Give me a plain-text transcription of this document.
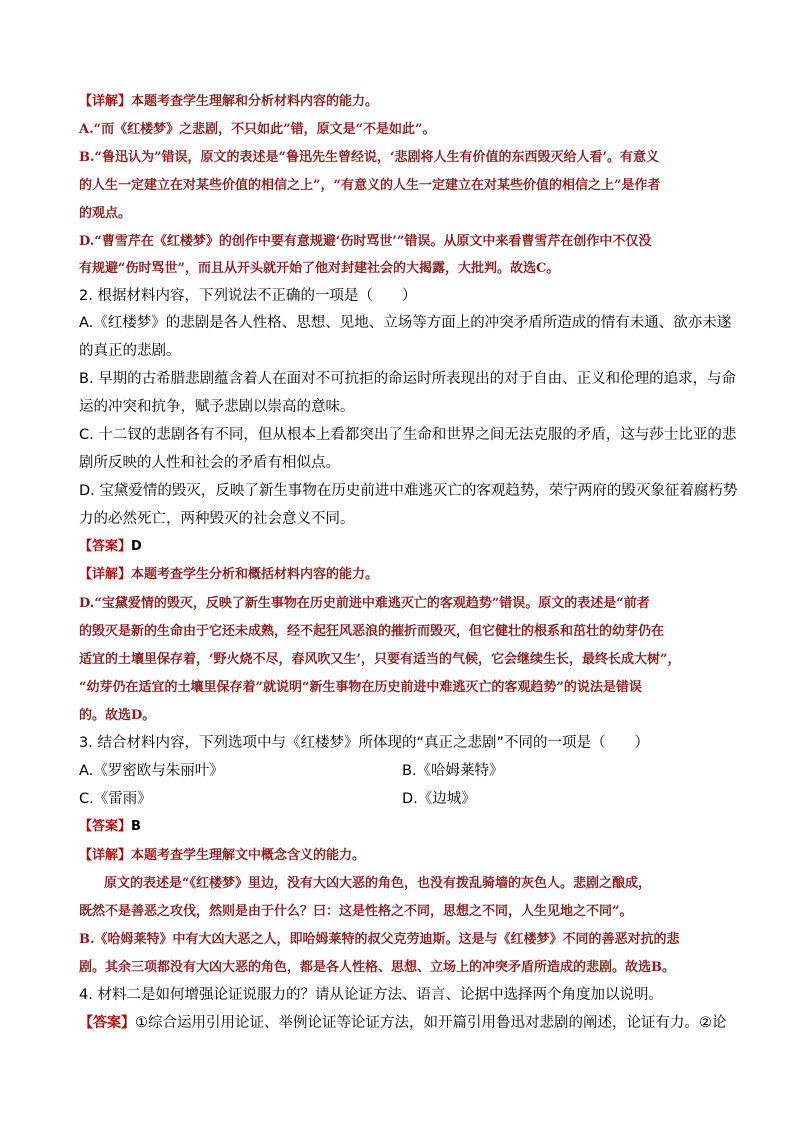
【详解】本题考查学生理解和分析材料内容的能力。
A.“而《红楼梦》之悲剧，不只如此”错，原文是“不是如此”。
B.“鲁迅认为”错误，原文的表述是“鲁迅先生曾经说，‘悲剧将人生有价值的东西毁灭给人看’。有意义
的人生一定建立在对某些价值的相信之上”，“有意义的人生一定建立在对某些价值的相信之上”是作者
的观点。
D.“曹雪芹在《红楼梦》的创作中要有意规避‘伤时骂世’”错误。从原文中来看曹雪芹在创作中不仅没
有规避“伤时骂世”，而且从开头就开始了他对封建社会的大揭露，大批判。故选C。
2. 根据材料内容，下列说法不正确的一项是（　　）
A.《红楼梦》的悲剧是各人性格、思想、见地、立场等方面上的冲突矛盾所造成的情有未通、欲亦未遂
的真正的悲剧。
B. 早期的古希腊悲剧蕴含着人在面对不可抗拒的命运时所表现出的对于自由、正义和伦理的追求，与命
运的冲突和抗争，赋予悲剧以崇高的意味。
C. 十二钗的悲剧各有不同，但从根本上看都突出了生命和世界之间无法克服的矛盾，这与莎士比亚的悲
剧所反映的人性和社会的矛盾有相似点。
D. 宝黛爱情的毁灭，反映了新生事物在历史前进中难逃灭亡的客观趋势，荣宁两府的毁灭象征着腐朽势
力的必然死亡，两种毁灭的社会意义不同。
【答案】D
【详解】本题考查学生分析和概括材料内容的能力。
D.“宝黛爱情的毁灭，反映了新生事物在历史前进中难逃灭亡的客观趋势”错误。原文的表述是“前者
的毁灭是新的生命由于它还未成熟，经不起狂风恶浪的摧折而毁灭，但它健壮的根系和茁壮的幼芽仍在
适宜的土壤里保存着，‘野火烧不尽，春风吹又生’，只要有适当的气候，它会继续生长，最终长成大树”，
“幼芽仍在适宜的土壤里保存着”就说明“新生事物在历史前进中难逃灭亡的客观趋势”的说法是错误
的。故选D。
3. 结合材料内容，下列选项中与《红楼梦》所体现的“真正之悲剧”不同的一项是（　　）
A.《罗密欧与朱丽叶》	B.《哈姆莱特》
C.《雷雨》	D.《边城》
【答案】B
【详解】本题考查学生理解文中概念含义的能力。
原文的表述是“《红楼梦》里边，没有大凶大恶的角色，也没有拨乱骑墙的灰色人。悲剧之酿成，
既然不是善恶之攻伐，然则是由于什么？曰：这是性格之不同，思想之不同，人生见地之不同”。
B.《哈姆莱特》中有大凶大恶之人，即哈姆莱特的叔父克劳迪斯。这是与《红楼梦》不同的善恶对抗的悲
剧。其余三项都没有大凶大恶的角色，都是各人性格、思想、立场上的冲突矛盾所造成的悲剧。故选B。
4. 材料二是如何增强论证说服力的？请从论证方法、语言、论据中选择两个角度加以说明。
【答案】①综合运用引用论证、举例论证等论证方法，如开篇引用鲁迅对悲剧的阐述，论证有力。②论
